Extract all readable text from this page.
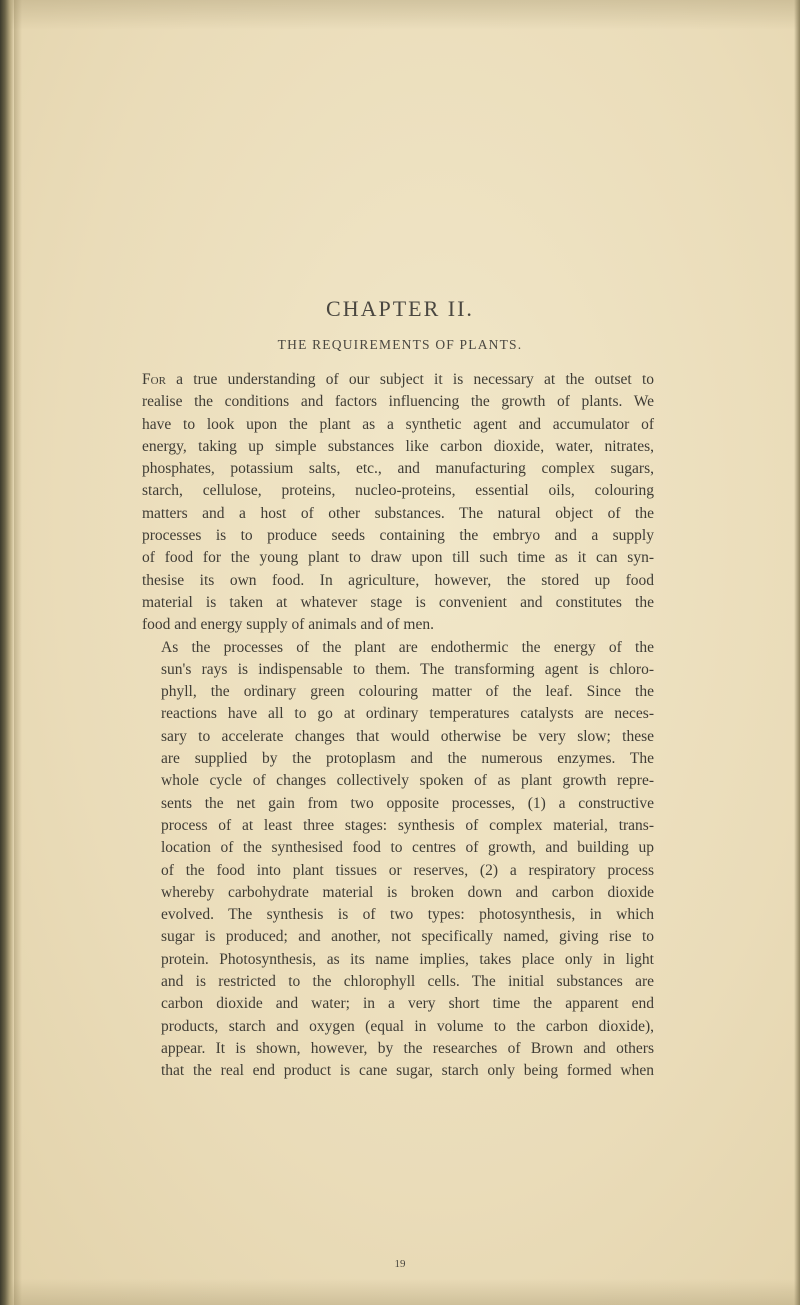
CHAPTER II.
THE REQUIREMENTS OF PLANTS.

For a true understanding of our subject it is necessary at the outset to
realise the conditions and factors influencing the growth of plants. We
have to look upon the plant as a synthetic agent and accumulator of
energy, taking up simple substances like carbon dioxide, water, nitrates,
phosphates, potassium salts, etc., and manufacturing complex sugars,
starch, cellulose, proteins, nucleo-proteins, essential oils, colouring
matters and a host of other substances. The natural object of the
processes is to produce seeds containing the embryo and a supply
of food for the young plant to draw upon till such time as it can syn-
thesise its own food. In agriculture, however, the stored up food
material is taken at whatever stage is convenient and constitutes the
food and energy supply of animals and of men.

As the processes of the plant are endothermic the energy of the
sun's rays is indispensable to them. The transforming agent is chloro-
phyll, the ordinary green colouring matter of the leaf. Since the
reactions have all to go at ordinary temperatures catalysts are neces-
sary to accelerate changes that would otherwise be very slow; these
are supplied by the protoplasm and the numerous enzymes. The
whole cycle of changes collectively spoken of as plant growth repre-
sents the net gain from two opposite processes, (1) a constructive
process of at least three stages: synthesis of complex material, trans-
location of the synthesised food to centres of growth, and building up
of the food into plant tissues or reserves, (2) a respiratory process
whereby carbohydrate material is broken down and carbon dioxide
evolved. The synthesis is of two types: photosynthesis, in which
sugar is produced; and another, not specifically named, giving rise to
protein. Photosynthesis, as its name implies, takes place only in light
and is restricted to the chlorophyll cells. The initial substances are
carbon dioxide and water; in a very short time the apparent end
products, starch and oxygen (equal in volume to the carbon dioxide),
appear. It is shown, however, by the researches of Brown and others
that the real end product is cane sugar, starch only being formed when

19
